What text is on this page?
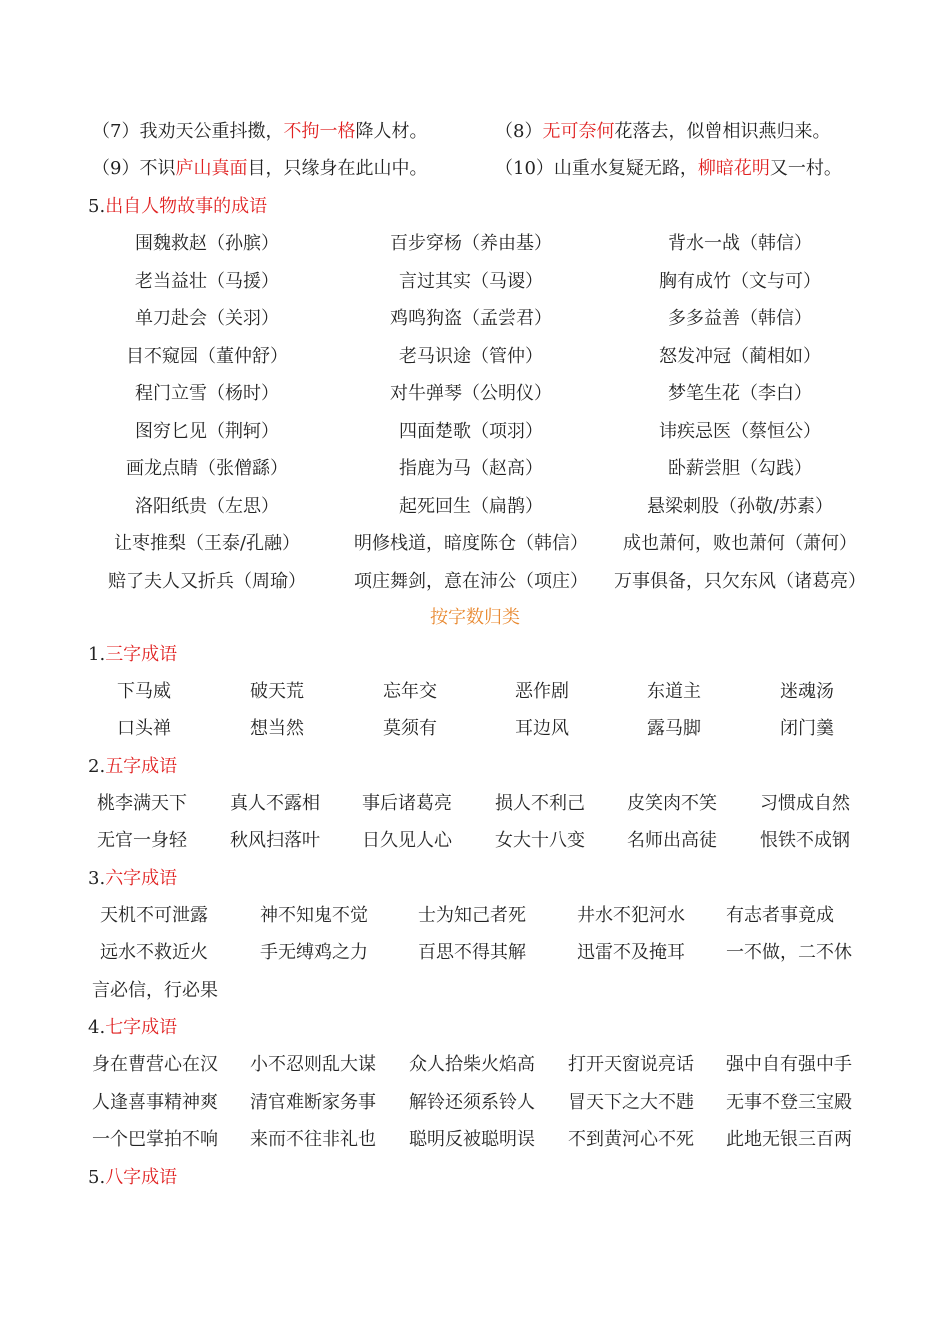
（7）我劝天公重抖擞，不拘一格降人材。	（8）无可奈何花落去，似曾相识燕归来。
（9）不识庐山真面目，只缘身在此山中。	（10）山重水复疑无路，柳暗花明又一村。
5.出自人物故事的成语
围魏救赵（孙膑）	百步穿杨（养由基）	背水一战（韩信）
老当益壮（马援）	言过其实（马谡）	胸有成竹（文与可）
单刀赴会（关羽）	鸡鸣狗盗（孟尝君）	多多益善（韩信）
目不窥园（董仲舒）	老马识途（管仲）	怒发冲冠（蔺相如）
程门立雪（杨时）	对牛弹琴（公明仪）	梦笔生花（李白）
图穷匕见（荆轲）	四面楚歌（项羽）	讳疾忌医（蔡恒公）
画龙点睛（张僧繇）	指鹿为马（赵高）	卧薪尝胆（勾践）
洛阳纸贵（左思）	起死回生（扁鹊）	悬梁刺股（孙敬/苏素）
让枣推梨（王泰/孔融）	明修栈道，暗度陈仓（韩信）	成也萧何，败也萧何（萧何）
赔了夫人又折兵（周瑜）	项庄舞剑，意在沛公（项庄）	万事俱备，只欠东风（诸葛亮）
按字数归类
1.三字成语
下马威	破天荒	忘年交	恶作剧	东道主	迷魂汤
口头禅	想当然	莫须有	耳边风	露马脚	闭门羹
2.五字成语
桃李满天下 真人不露相 事后诸葛亮 损人不利己 皮笑肉不笑 习惯成自然
无官一身轻 秋风扫落叶 日久见人心 女大十八变 名师出高徒 恨铁不成钢
3.六字成语
天机不可泄露	神不知鬼不觉	士为知己者死	井水不犯河水 有志者事竟成
远水不救近火	手无缚鸡之力	百思不得其解	迅雷不及掩耳 一不做，二不休
言必信，行必果
4.七字成语
身在曹营心在汉 小不忍则乱大谋 众人拾柴火焰高 打开天窗说亮话 强中自有强中手
人逢喜事精神爽 清官难断家务事 解铃还须系铃人 冒天下之大不韪 无事不登三宝殿
一个巴掌拍不响 来而不往非礼也 聪明反被聪明误 不到黄河心不死 此地无银三百两
5.八字成语
